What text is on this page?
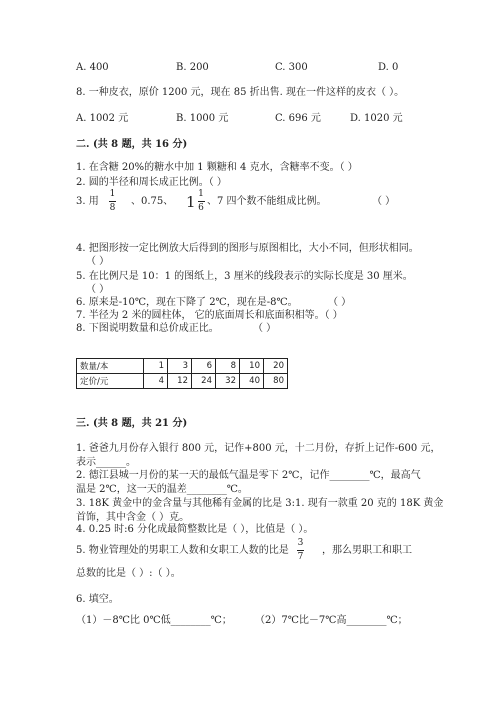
A. 400	B. 200	C. 300	D. 0
8. 一种皮衣，原价 1200 元，现在 85 折出售. 现在一件这样的皮衣（ ）。
A. 1002 元	B. 1000 元	C. 696 元	D. 1020 元
二. (共 8 题，共 16 分)
1. 在含糖 20%的糖水中加 1 颗糖和 4 克水，含糖率不变。（ ）
2. 圆的半径和周长成正比例。（ ）
3. 用
1
8
、0.75、 $1 \frac{1}{6}$ 、7 四个数不能组成比例。	（ ）
4. 把图形按一定比例放大后得到的图形与原图相比，大小不同，但形状相同。
（ ）
5. 在比例尺是 10：1 的图纸上，3 厘米的线段表示的实际长度是 30 厘米。
（ ）
6. 原来是-10℃，现在下降了 2℃，现在是-8℃。	（ ）
7. 半径为 2 米的圆柱体， 它的底面周长和底面积相等。（ ）
8. 下图说明数量和总价成正比。	（ ）
数量/本	1	3	6	8	10	20
定价/元	4	12	24	32	40	80
三. (共 8 题，共 21 分)
1. 爸爸九月份存入银行 800 元，记作+800 元，十二月份，存折上记作-600 元，
表示______。
2. 德江县城一月份的某一天的最低气温是零下 2℃，记作________℃，最高气
温是 2℃，这一天的温差________℃。
3. 18K 黄金中的金含量与其他稀有金属的比是 3:1. 现有一款重 20 克的 18K 黄金
首饰，其中含金（ ）克。
4. 0.25 时:6 分化成最简整数比是（ ），比值是（ ）。
5. 物业管理处的男职工人数和女职工人数的比是
3
7
，那么男职工和职工
总数的比是（ ）:（ ）。
6. 填空。
（1）－8℃比 0℃低________℃； （2）7℃比－7℃高________℃；
